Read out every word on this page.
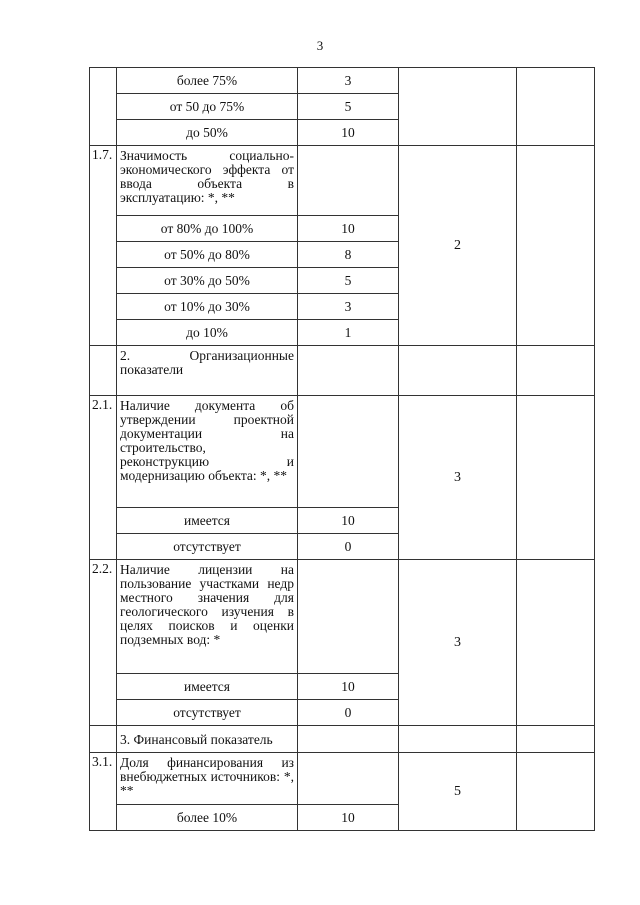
3
	более 75%	3		
	от 50 до 75%	5		
	до 50%	10		
1.7.	Значимость социально-экономического эффекта от ввода объекта в эксплуатацию: *, **		2	
	от 80% до 100%	10		
	от 50% до 80%	8		
	от 30% до 50%	5		
	от 10% до 30%	3		
	до 10%	1		
	2. Организационные показатели			
2.1.	Наличие документа об утверждении проектной документации на строительство, реконструкцию и модернизацию объекта: *, **		3	
	имеется	10		
	отсутствует	0		
2.2.	Наличие лицензии на пользование участками недр местного значения для геологического изучения в целях поисков и оценки подземных вод: *		3	
	имеется	10		
	отсутствует	0		
	3. Финансовый показатель			
3.1.	Доля финансирования из внебюджетных источников: *, **		5	
	более 10%	10		
